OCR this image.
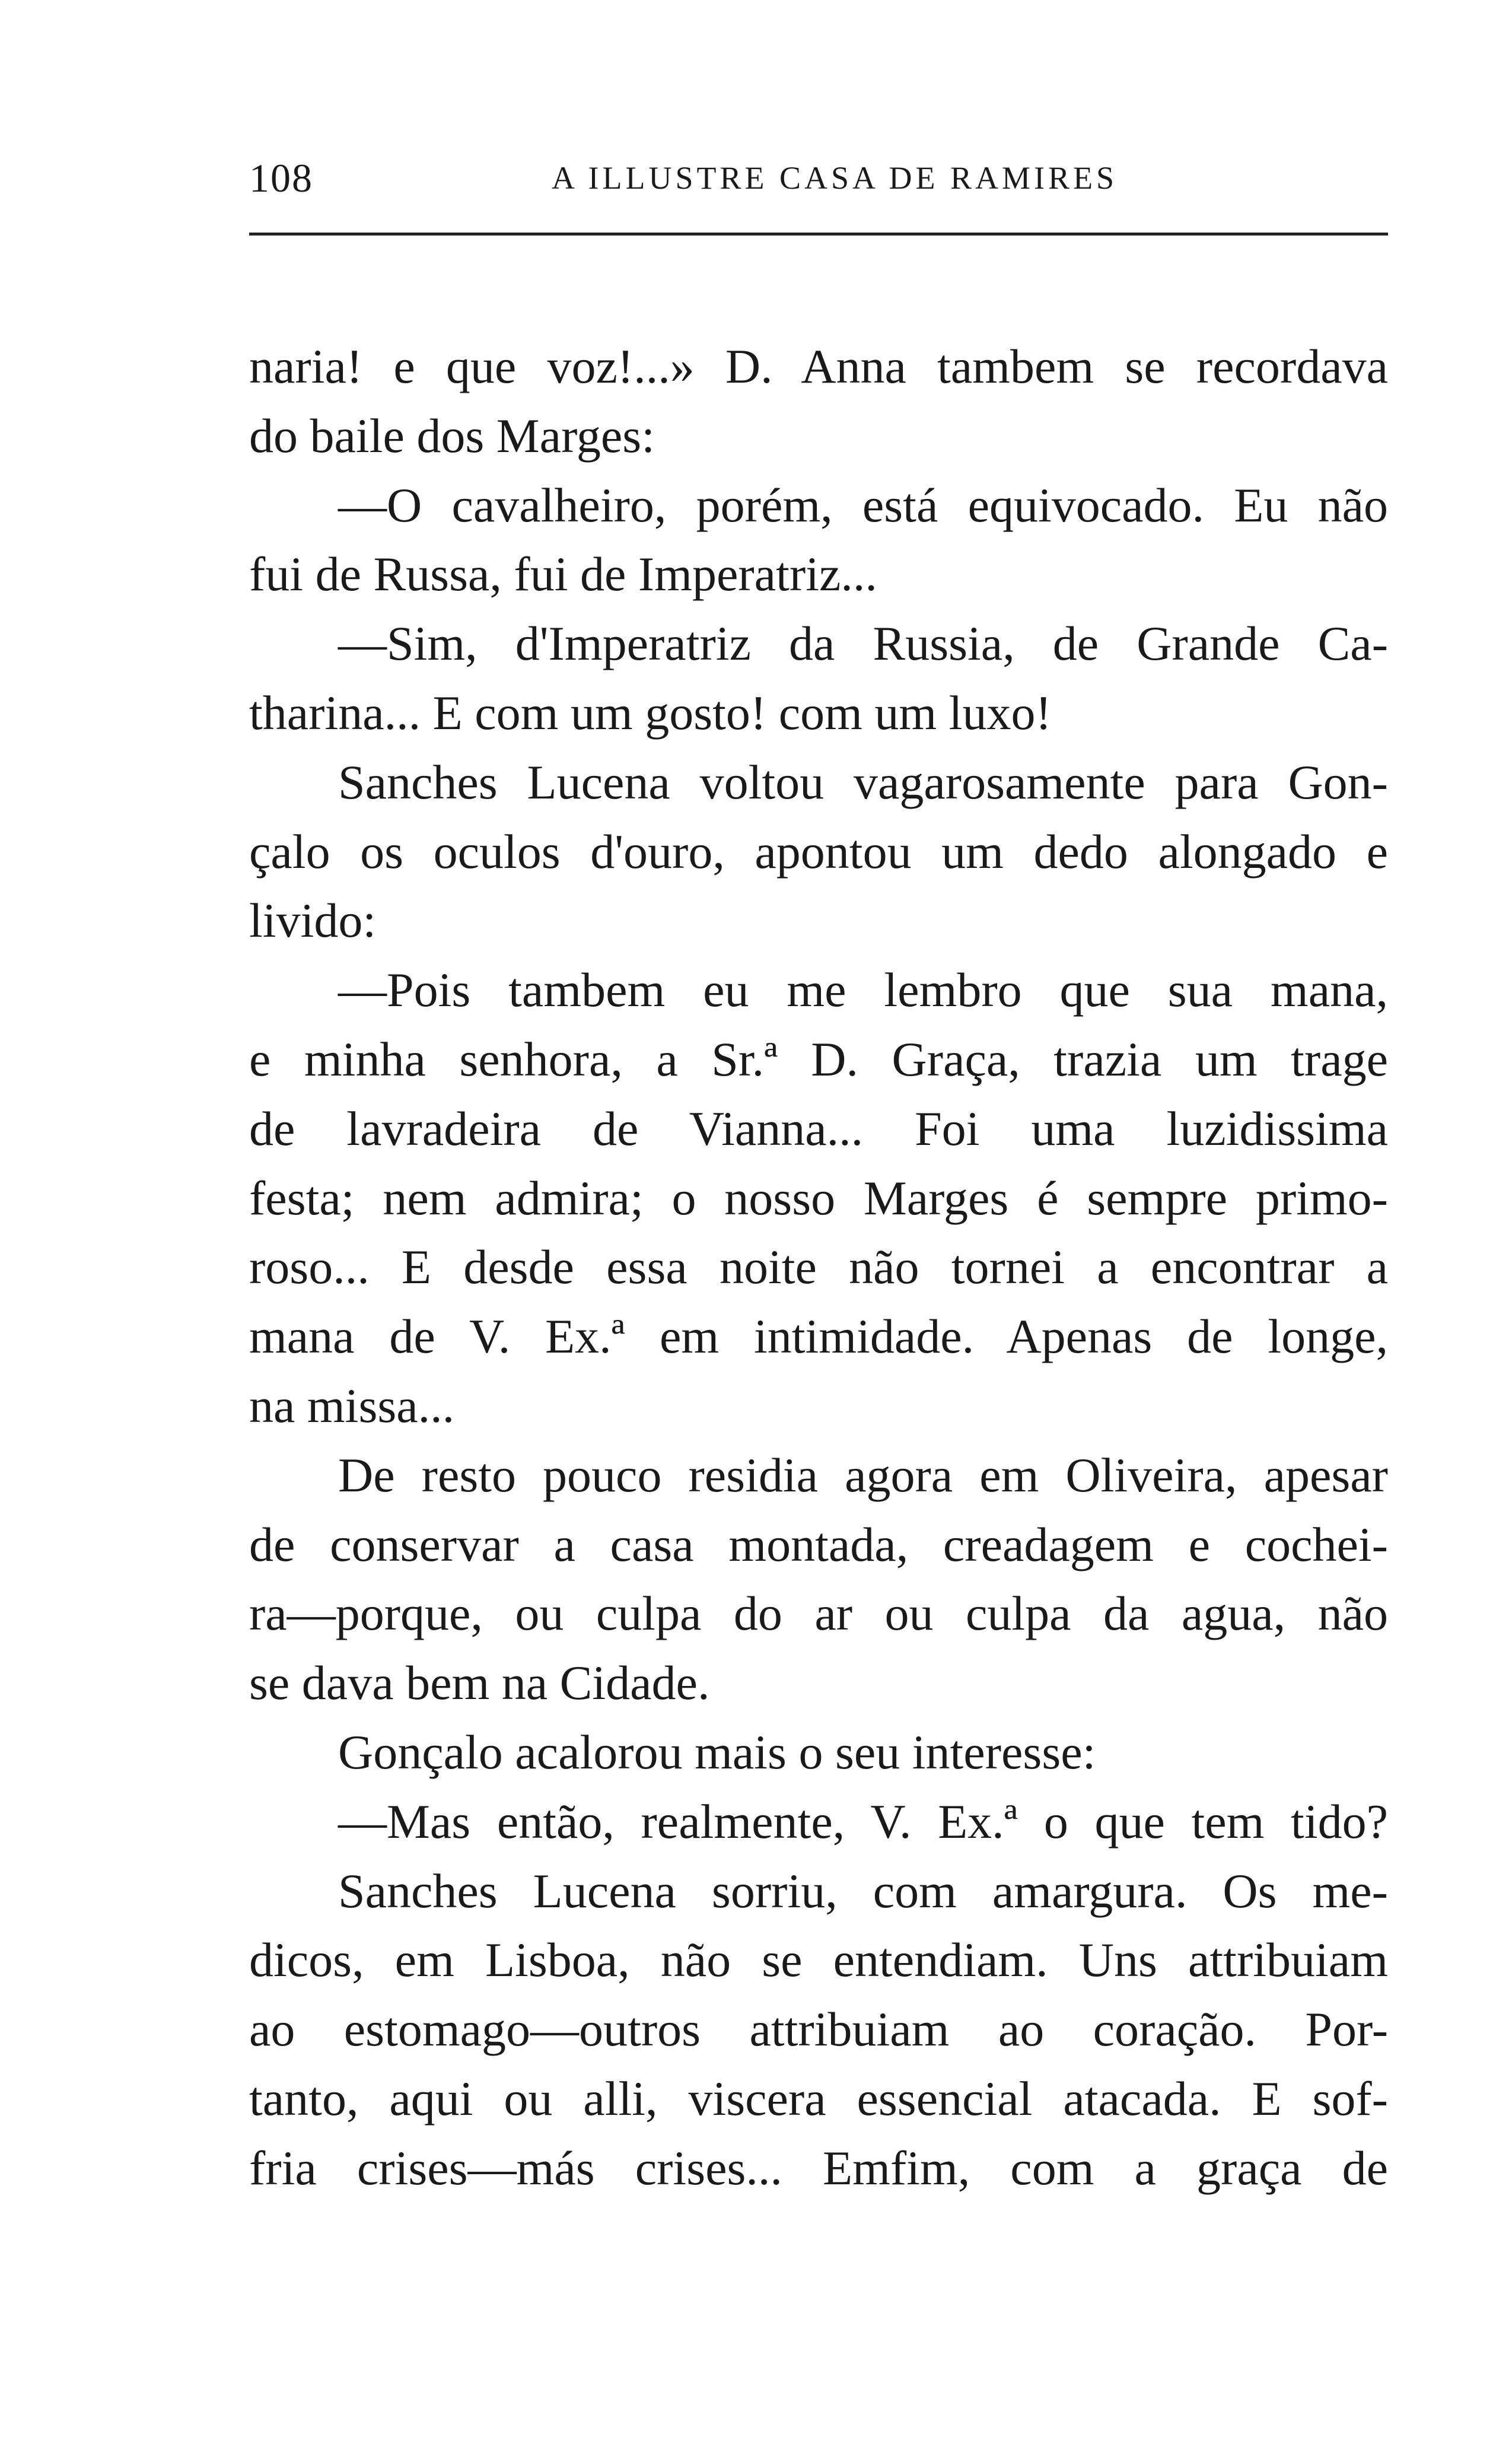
108	A ILLUSTRE CASA DE RAMIRES
naria! e que voz!...» D. Anna tambem se recordava
do baile dos Marges:
—O cavalheiro, porém, está equivocado. Eu não
fui de Russa, fui de Imperatriz...
—Sim, d'Imperatriz da Russia, de Grande Ca-
tharina... E com um gosto! com um luxo!
Sanches Lucena voltou vagarosamente para Gon-
çalo os oculos d'ouro, apontou um dedo alongado e
livido:
—Pois tambem eu me lembro que sua mana,
e minha senhora, a Sr.ª D. Graça, trazia um trage
de lavradeira de Vianna... Foi uma luzidissima
festa; nem admira; o nosso Marges é sempre primo-
roso... E desde essa noite não tornei a encontrar a
mana de V. Ex.ª em intimidade. Apenas de longe,
na missa...
De resto pouco residia agora em Oliveira, apesar
de conservar a casa montada, creadagem e cochei-
ra—porque, ou culpa do ar ou culpa da agua, não
se dava bem na Cidade.
Gonçalo acalorou mais o seu interesse:
—Mas então, realmente, V. Ex.ª o que tem tido?
Sanches Lucena sorriu, com amargura. Os me-
dicos, em Lisboa, não se entendiam. Uns attribuiam
ao estomago—outros attribuiam ao coração. Por-
tanto, aqui ou alli, viscera essencial atacada. E sof-
fria crises—más crises... Emfim, com a graça de
